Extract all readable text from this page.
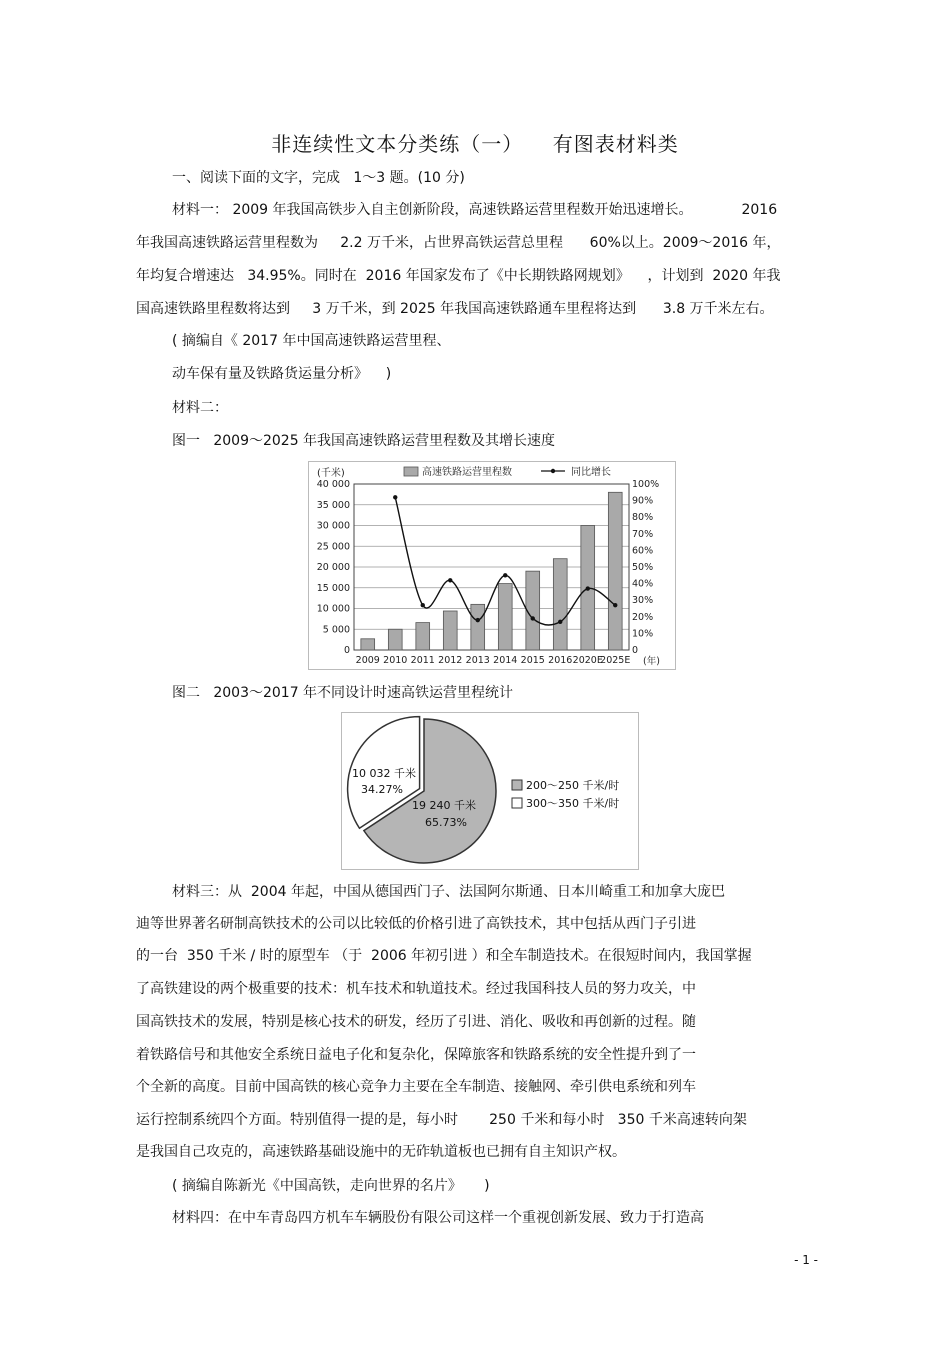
非连续性文本分类练（一）    有图表材料类
一、阅读下面的文字，完成   1～3 题。(10 分)
材料一： 2009 年我国高铁步入自主创新阶段，高速铁路运营里程数开始迅速增长。           2016
年我国高速铁路运营里程数为     2.2 万千米，占世界高铁运营总里程      60%以上。2009～2016 年，
年均复合增速达   34.95%。同时在  2016 年国家发布了《中长期铁路网规划》    ，计划到  2020 年我
国高速铁路里程数将达到     3 万千米，到 2025 年我国高速铁路通车里程将达到      3.8 万千米左右。
( 摘编自《 2017 年中国高速铁路运营里程、
动车保有量及铁路货运量分析》    )
材料二：
图一   2009～2025 年我国高速铁路运营里程数及其增长速度
0
5 000
10 000
15 000
20 000
25 000
30 000
35 000
40 000
0
10%
20%
30%
40%
50%
60%
70%
80%
90%
100%
(千米)
(年)
2009 2010 2011 2012 2013 2014 2015 2016 2020E
2025E
高速铁路运营里程数	同比增长
图二   2003～2017 年不同设计时速高铁运营里程统计
19 240 千米
65.73%
10 032 千米
34.27%	200～250 千米/时
300～350 千米/时
材料三：从  2004 年起，中国从德国西门子、法国阿尔斯通、日本川崎重工和加拿大庞巴
迪等世界著名研制高铁技术的公司以比较低的价格引进了高铁技术，其中包括从西门子引进
的一台  350 千米 / 时的原型车 （于  2006 年初引进 ）和全车制造技术。在很短时间内，我国掌握
了高铁建设的两个极重要的技术：机车技术和轨道技术。经过我国科技人员的努力攻关，中
国高铁技术的发展，特别是核心技术的研发，经历了引进、消化、吸收和再创新的过程。随
着铁路信号和其他安全系统日益电子化和复杂化，保障旅客和铁路系统的安全性提升到了一
个全新的高度。目前中国高铁的核心竞争力主要在全车制造、接触网、牵引供电系统和列车
运行控制系统四个方面。特别值得一提的是，每小时       250 千米和每小时   350 千米高速转向架
是我国自己攻克的，高速铁路基础设施中的无砟轨道板也已拥有自主知识产权。
( 摘编自陈新光《中国高铁，走向世界的名片》     )
材料四：在中车青岛四方机车车辆股份有限公司这样一个重视创新发展、致力于打造高
- 1 -
